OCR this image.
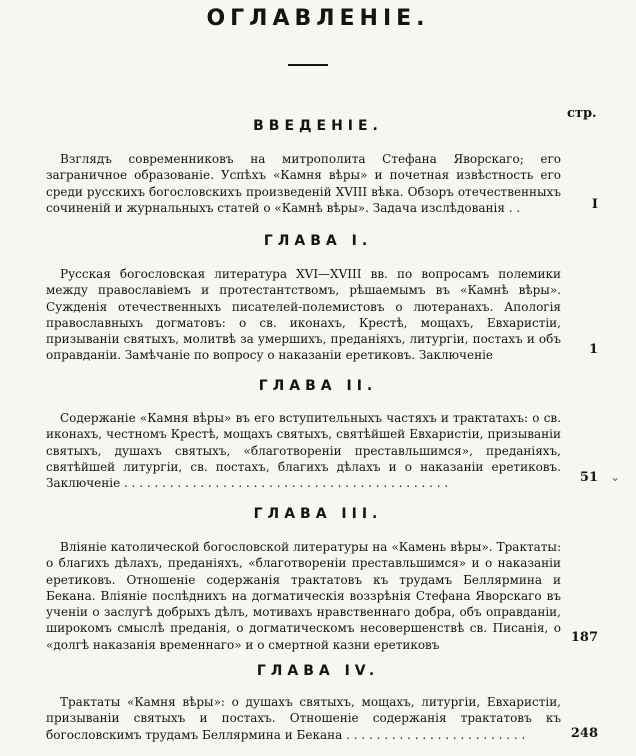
ОГЛАВЛЕНІЕ.
стр.
ВВЕДЕНІЕ.

Взглядъ современниковъ на митрополита Стефана Яворскаго; его заграничное образованіе. Успѣхъ «Камня вѣры» и почетная извѣстность его среди русскихъ богословскихъ произведеній XVIII вѣка. Обзоръ отечественныхъ сочиненій и журнальныхъ статей о «Камнѣ вѣры». Задача изслѣдованія . .	I
ГЛАВА I.

Русская богословская литература XVI—XVIII вв. по вопросамъ полемики между православіемъ и протестантствомъ, рѣшаемымъ въ «Камнѣ вѣры». Сужденія отечественныхъ писателей-полемистовъ о лютеранахъ. Апологія православныхъ догматовъ: о св. иконахъ, Крестѣ, мощахъ, Евхаристіи, призываніи святыхъ, молитвѣ за умершихъ, преданіяхъ, литургіи, постахъ и объ оправданіи. Замѣчаніе по вопросу о наказаніи еретиковъ. Заключеніе	1
ГЛАВА II.

Содержаніе «Камня вѣры» въ его вступительныхъ частяхъ и трактатахъ: о св. иконахъ, честномъ Крестѣ, мощахъ святыхъ, святѣйшей Евхаристіи, призываніи святыхъ, душахъ святыхъ, «благотвореніи преставльшимся», преданіяхъ, святѣйшей литургіи, св. постахъ, благихъ дѣлахъ и о наказаніи еретиковъ. Заключеніе . . . . . . . . . . . . . . . . . . . . . . . . . . . . . . . . . . . . . . . . . . .	51 ⌄
ГЛАВА III.

Вліяніе католической богословской литературы на «Камень вѣры». Трактаты: о благихъ дѣлахъ, преданіяхъ, «благотвореніи преставльшимся» и о наказаніи еретиковъ. Отношеніе содержанія трактатовъ къ трудамъ Беллярмина и Бекана. Вліяніе послѣднихъ на догматическія воззрѣнія Стефана Яворскаго въ ученіи о заслугѣ добрыхъ дѣлъ, мотивахъ нравственнаго добра, объ оправданіи, широкомъ смыслѣ преданія, о догматическомъ несовершенствѣ св. Писанія, о «долгѣ наказанія временнаго» и о смертной казни еретиковъ	187
ГЛАВА IV.

Трактаты «Камня вѣры»: о душахъ святыхъ, мощахъ, литургіи, Евхаристіи, призываніи святыхъ и постахъ. Отношеніе содержанія трактатовъ къ богословскимъ трудамъ Беллярмина и Бекана . . . . . . . . . . . . . . . . . . . . . . . .	248
